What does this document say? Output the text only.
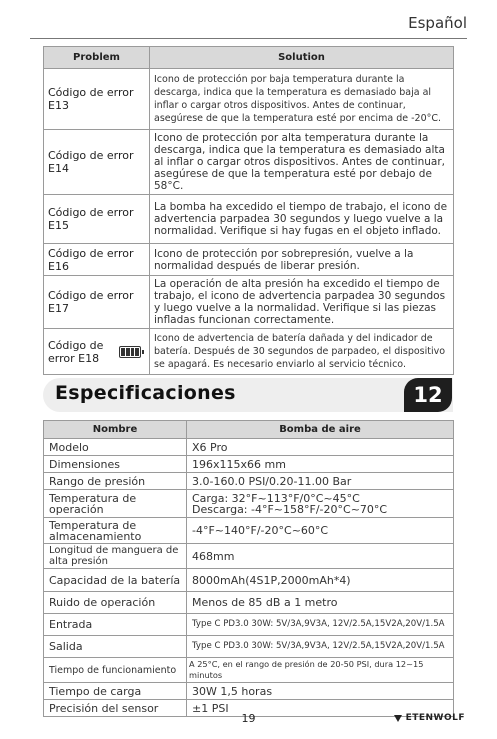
Español
Problem	Solution
Código de error E13	Icono de protección por baja temperatura durante la descarga, indica que la temperatura es demasiado baja al inflar o cargar otros dispositivos. Antes de continuar, asegúrese de que la temperatura esté por encima de -20°C.
Código de error E14	Icono de protección por alta temperatura durante la descarga, indica que la temperatura es demasiado alta al inflar o cargar otros dispositivos. Antes de continuar, asegúrese de que la temperatura esté por debajo de 58°C.
Código de error E15	La bomba ha excedido el tiempo de trabajo, el icono de advertencia parpadea 30 segundos y luego vuelve a la normalidad. Verifique si hay fugas en el objeto inflado.
Código de error E16	Icono de protección por sobrepresión, vuelve a la normalidad después de liberar presión.
Código de error E17	La operación de alta presión ha excedido el tiempo de trabajo, el icono de advertencia parpadea 30 segundos y luego vuelve a la normalidad. Verifique si las piezas infladas funcionan correctamente.

Código de error E18	Icono de advertencia de batería dañada y del indicador de batería. Después de 30 segundos de parpadeo, el dispositivo se apagará. Es necesario enviarlo al servicio técnico.
Especificaciones	12
Nombre	Bomba de aire
Modelo	X6 Pro
Dimensiones	196x115x66 mm
Rango de presión	3.0-160.0 PSI/0.20-11.00 Bar
Temperatura de operación	Carga: 32°F~113°F/0°C~45°C
Descarga: -4°F~158°F/-20°C~70°C

Temperatura de almacenamiento	-4°F~140°F/-20°C~60°C
Longitud de manguera de alta presión	468mm
Capacidad de la batería	8000mAh(4S1P,2000mAh*4)
Ruido de operación	Menos de 85 dB a 1 metro
Entrada	Type C PD3.0 30W: 5V/3A,9V3A, 12V/2.5A,15V2A,20V/1.5A
Salida	Type C PD3.0 30W: 5V/3A,9V3A, 12V/2.5A,15V2A,20V/1.5A
Tiempo de funcionamiento	A 25°C, en el rango de presión de 20-50 PSI, dura 12~15 minutos
Tiempo de carga	30W 1,5 horas
Precisión del sensor	±1 PSI
19	ETENWOLF
